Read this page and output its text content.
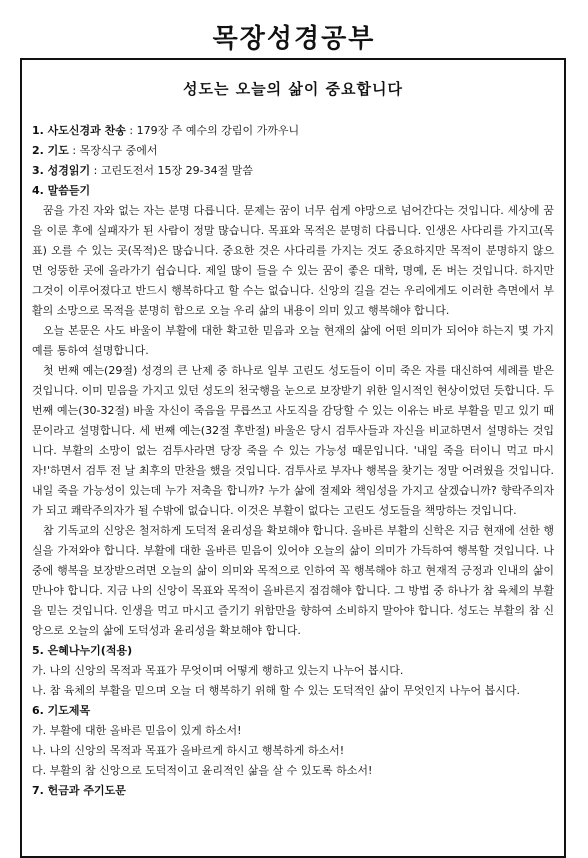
목장성경공부
성도는 오늘의 삶이 중요합니다
1. 사도신경과 찬송 : 179장 주 예수의 강림이 가까우니
2. 기도 : 목장식구 중에서
3. 성경읽기 : 고린도전서 15장 29-34절 말씀
4. 말씀듣기

꿈을 가진 자와 없는 자는 분명 다릅니다. 문제는 꿈이 너무 쉽게 야망으로 넘어간다는 것입니다. 세상에 꿈을 이룬 후에 실패자가 된 사람이 정말 많습니다. 목표와 목적은 분명히 다릅니다. 인생은 사다리를 가지고(목표) 오를 수 있는 곳(목적)은 많습니다. 중요한 것은 사다리를 가지는 것도 중요하지만 목적이 분명하지 않으면 엉뚱한 곳에 올라가기 쉽습니다. 제일 많이 들을 수 있는 꿈이 좋은 대학, 명예, 돈 버는 것입니다. 하지만 그것이 이루어졌다고 반드시 행복하다고 할 수는 없습니다. 신앙의 길을 걷는 우리에게도 이러한 측면에서 부활의 소망으로 목적을 분명히 함으로 오늘 우리 삶의 내용이 의미 있고 행복해야 합니다.

오늘 본문은 사도 바울이 부활에 대한 확고한 믿음과 오늘 현재의 삶에 어떤 의미가 되어야 하는지 몇 가지 예를 통하여 설명합니다.

첫 번째 예는(29절) 성경의 큰 난제 중 하나로 일부 고린도 성도들이 이미 죽은 자를 대신하여 세례를 받은 것입니다. 이미 믿음을 가지고 있던 성도의 천국행을 눈으로 보장받기 위한 일시적인 현상이었던 듯합니다. 두 번째 예는(30-32절) 바울 자신이 죽음을 무릅쓰고 사도직을 감당할 수 있는 이유는 바로 부활을 믿고 있기 때문이라고 설명합니다. 세 번째 예는(32절 후반절) 바울은 당시 검투사들과 자신을 비교하면서 설명하는 것입니다. 부활의 소망이 없는 검투사라면 당장 죽을 수 있는 가능성 때문입니다. '내일 죽을 터이니 먹고 마시자!'하면서 검투 전 날 최후의 만찬을 했을 것입니다. 검투사로 부자나 행복을 찾기는 정말 어려웠을 것입니다. 내일 죽을 가능성이 있는데 누가 저축을 합니까? 누가 삶에 절제와 책임성을 가지고 살겠습니까? 향락주의자가 되고 쾌락주의자가 될 수밖에 없습니다. 이것은 부활이 없다는 고린도 성도들을 책망하는 것입니다.

참 기독교의 신앙은 철저하게 도덕적 윤리성을 확보해야 합니다. 올바른 부활의 신학은 지금 현재에 선한 행실을 가져와야 합니다. 부활에 대한 올바른 믿음이 있어야 오늘의 삶이 의미가 가득하여 행복할 것입니다. 나중에 행복을 보장받으려면 오늘의 삶이 의미와 목적으로 인하여 꼭 행복해야 하고 현재적 긍정과 인내의 삶이 만나야 합니다. 지금 나의 신앙이 목표와 목적이 올바른지 점검해야 합니다. 그 방법 중 하나가 참 육체의 부활을 믿는 것입니다. 인생을 먹고 마시고 즐기기 위함만을 향하여 소비하지 말아야 합니다. 성도는 부활의 참 신앙으로 오늘의 삶에 도덕성과 윤리성을 확보해야 합니다.

5. 은혜나누기(적용)

가. 나의 신앙의 목적과 목표가 무엇이며 어떻게 행하고 있는지 나누어 봅시다.

나. 참 육체의 부활을 믿으며 오늘 더 행복하기 위해 할 수 있는 도덕적인 삶이 무엇인지 나누어 봅시다.

6. 기도제목

가. 부활에 대한 올바른 믿음이 있게 하소서!

나. 나의 신앙의 목적과 목표가 올바르게 하시고 행복하게 하소서!

다. 부활의 참 신앙으로 도덕적이고 윤리적인 삶을 살 수 있도록 하소서!

7. 헌금과 주기도문
